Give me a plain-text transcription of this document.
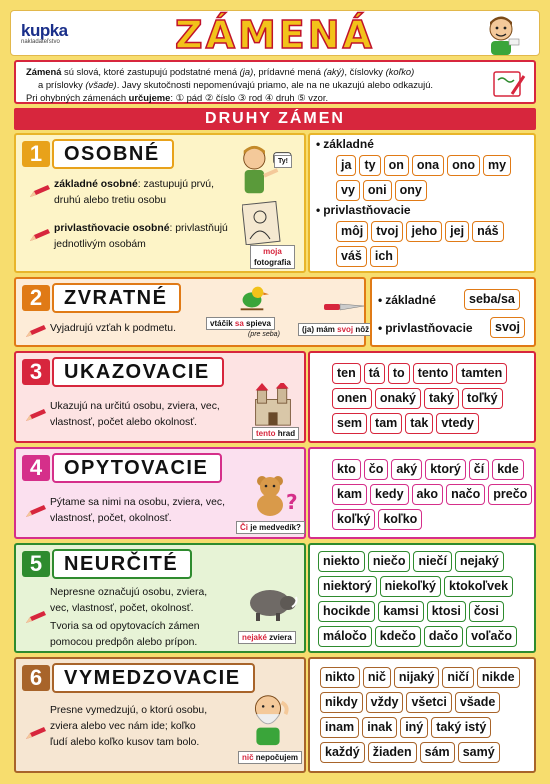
kupka
nakladateľstvo	ZÁMENÁ
Zámená sú slová, ktoré zastupujú podstatné mená (ja), prídavné mená (aký), číslovky (koľko)
a príslovky (všade). Javy skutočnosti nepomenúvajú priamo, ale na ne ukazujú alebo odkazujú.
Pri ohybných zámenách určujeme: ① pád ② číslo ③ rod ④ druh ⑤ vzor.
DRUHY ZÁMEN
1	OSOBNÉ
základné osobné: zastupujú prvú, druhú alebo tretiu osobu
privlastňovacie osobné: privlastňujú jednotlivým osobám
Ty!
moja
fotografia
• základné
ja	ty	on	ona	ono	my
vy	oni	ony
• privlastňovacie
môj	tvoj	jeho	jej	náš
váš	ich
2	ZVRATNÉ
Vyjadrujú vzťah k podmetu.	vtáčik sa spieva
(pre seba)
(ja) mám svoj nôž
• základné	seba/sa
• privlastňovacie	svoj
3	UKAZOVACIE
Ukazujú na určitú osobu, zviera, vec, vlastnosť, počet alebo okolnosť.
tento hrad
ten	tá	to	tento	tamten
onen	onaký	taký	toľký
sem	tam	tak	vtedy
4	OPYTOVACIE
Pýtame sa nimi na osobu, zviera, vec, vlastnosť, počet, okolnosť.
?
Či je medvedík?
kto	čo	aký	ktorý	čí	kde
kam	kedy	ako	načo	prečo
koľký	koľko
5	NEURČITÉ
Nepresne označujú osobu, zviera, vec, vlastnosť, počet, okolnosť.
Tvoria sa od opytovacích zámen pomocou predpôn alebo prípon.	nejaké zviera
niekto	niečo	niečí	nejaký
niektorý	niekoľký	ktokoľvek
hocikde	kamsi	ktosi	čosi
máločo	kdečo	dačo	voľačo
6	VYMEDZOVACIE
Presne vymedzujú, o ktorú osobu, zviera alebo vec nám ide; koľko ľudí alebo koľko kusov tam bolo.
nič nepočujem
nikto	nič	nijaký	ničí	nikde
nikdy	vždy	všetci	všade
inam	inak	iný	taký istý
každý	žiaden	sám	samý
